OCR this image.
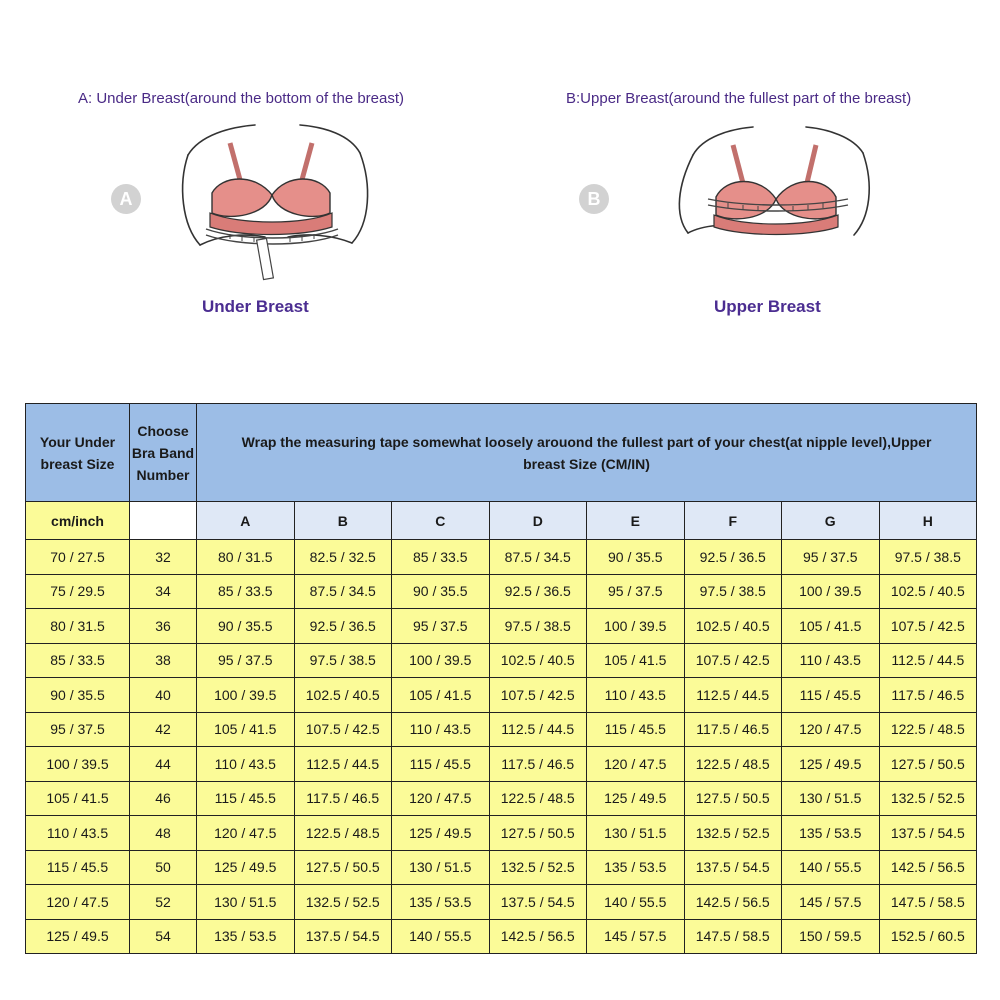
A: Under Breast(around the bottom of the breast)
A
Under Breast
B:Upper Breast(around the fullest part of the breast)
B
Upper Breast
Your Under breast Size	Choose Bra Band Number	Wrap the measuring tape somewhat loosely arouond the fullest part of your chest(at nipple level),Upper breast Size (CM/IN)							
cm/inch		A	B	C	D	E	F	G	H
70 / 27.5	32	80 / 31.5	82.5 / 32.5	85 / 33.5	87.5 / 34.5	90 / 35.5	92.5 / 36.5	95 / 37.5	97.5 / 38.5
75 / 29.5	34	85 / 33.5	87.5 / 34.5	90 / 35.5	92.5 / 36.5	95 / 37.5	97.5 / 38.5	100 / 39.5	102.5 / 40.5
80 / 31.5	36	90 / 35.5	92.5 / 36.5	95 / 37.5	97.5 / 38.5	100 / 39.5	102.5 / 40.5	105 / 41.5	107.5 / 42.5
85 / 33.5	38	95 / 37.5	97.5 / 38.5	100 / 39.5	102.5 / 40.5	105 / 41.5	107.5 / 42.5	110 / 43.5	112.5 / 44.5
90 / 35.5	40	100 / 39.5	102.5 / 40.5	105 / 41.5	107.5 / 42.5	110 / 43.5	112.5 / 44.5	115 / 45.5	117.5 / 46.5
95 / 37.5	42	105 / 41.5	107.5 / 42.5	110 / 43.5	112.5 / 44.5	115 / 45.5	117.5 / 46.5	120 / 47.5	122.5 / 48.5
100 / 39.5	44	110 / 43.5	112.5 / 44.5	115 / 45.5	117.5 / 46.5	120 / 47.5	122.5 / 48.5	125 / 49.5	127.5 / 50.5
105 / 41.5	46	115 / 45.5	117.5 / 46.5	120 / 47.5	122.5 / 48.5	125 / 49.5	127.5 / 50.5	130 / 51.5	132.5 / 52.5
110 / 43.5	48	120 / 47.5	122.5 / 48.5	125 / 49.5	127.5 / 50.5	130 / 51.5	132.5 / 52.5	135 / 53.5	137.5 / 54.5
115 / 45.5	50	125 / 49.5	127.5 / 50.5	130 / 51.5	132.5 / 52.5	135 / 53.5	137.5 / 54.5	140 / 55.5	142.5 / 56.5
120 / 47.5	52	130 / 51.5	132.5 / 52.5	135 / 53.5	137.5 / 54.5	140 / 55.5	142.5 / 56.5	145 / 57.5	147.5 / 58.5
125 / 49.5	54	135 / 53.5	137.5 / 54.5	140 / 55.5	142.5 / 56.5	145 / 57.5	147.5 / 58.5	150 / 59.5	152.5 / 60.5
